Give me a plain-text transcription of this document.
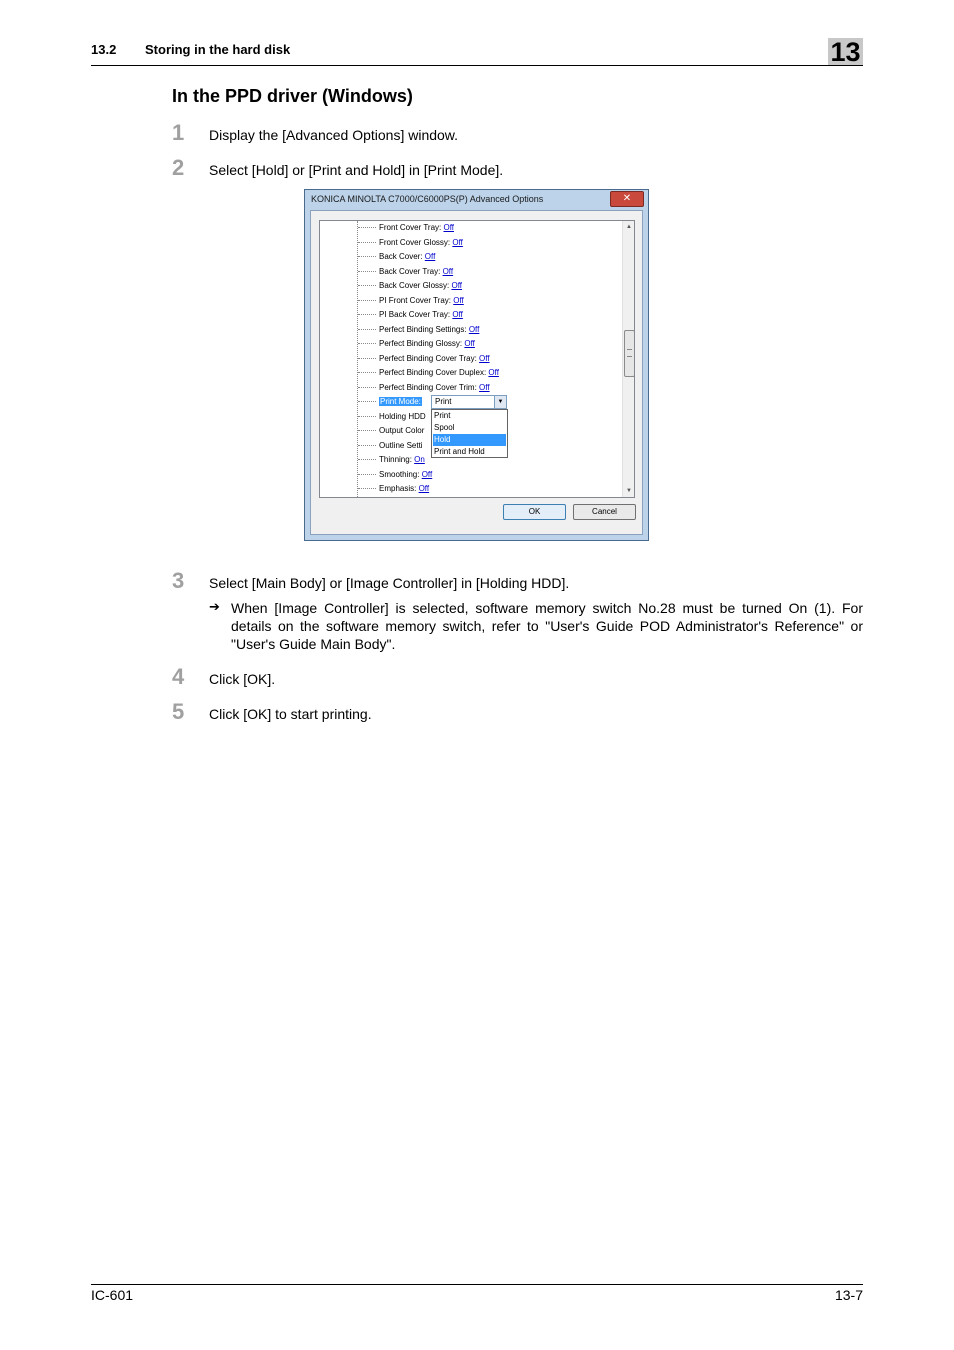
13.2 Storing in the hard disk	13
In the PPD driver (Windows)
1 Display the [Advanced Options] window.
2 Select [Hold] or [Print and Hold] in [Print Mode].
KONICA MINOLTA C7000/C6000PS(P) Advanced Options	✕
Front Cover Tray: Off
Front Cover Glossy: Off
Back Cover: Off
Back Cover Tray: Off
Back Cover Glossy: Off
PI Front Cover Tray: Off
PI Back Cover Tray: Off
Perfect Binding Settings: Off
Perfect Binding Glossy: Off
Perfect Binding Cover Tray: Off
Perfect Binding Cover Duplex: Off
Perfect Binding Cover Trim: Off
Print Mode:	Print	▼
Holding HDD
Output Color
Outline Setti
Thinning: On
Smoothing: Off
Emphasis: Off
Print
Spool
Hold
Print and Hold
▲
▼
OK	Cancel
3 Select [Main Body] or [Image Controller] in [Holding HDD].
➔ When [Image Controller] is selected, software memory switch No.28 must be turned On (1). For details on the software memory switch, refer to "User's Guide POD Administrator's Reference" or "User's Guide Main Body".
4 Click [OK].
5 Click [OK] to start printing.
IC-601	13-7
